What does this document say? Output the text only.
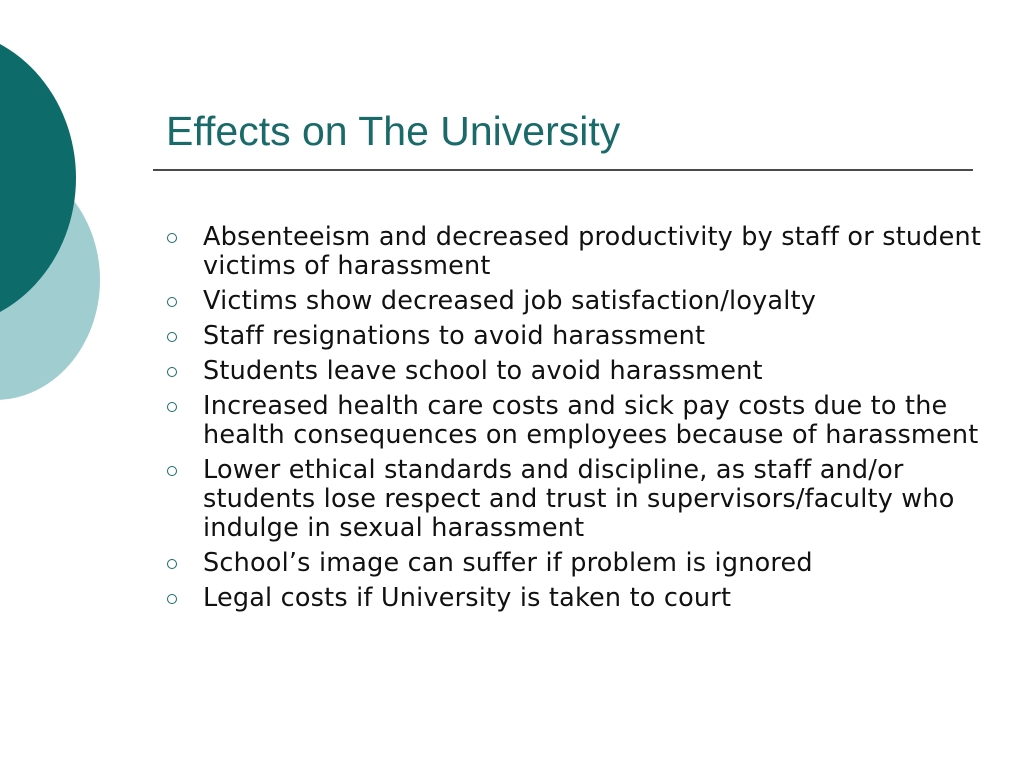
Effects on The University
Absenteeism and decreased productivity by staff or student victims of harassment
Victims show decreased job satisfaction/loyalty
Staff resignations to avoid harassment
Students leave school to avoid harassment
Increased health care costs and sick pay costs due to the health consequences on employees because of harassment
Lower ethical standards and discipline, as staff and/or students lose respect and trust in supervisors/faculty who indulge in sexual harassment
School’s image can suffer if problem is ignored
Legal costs if University is taken to court
